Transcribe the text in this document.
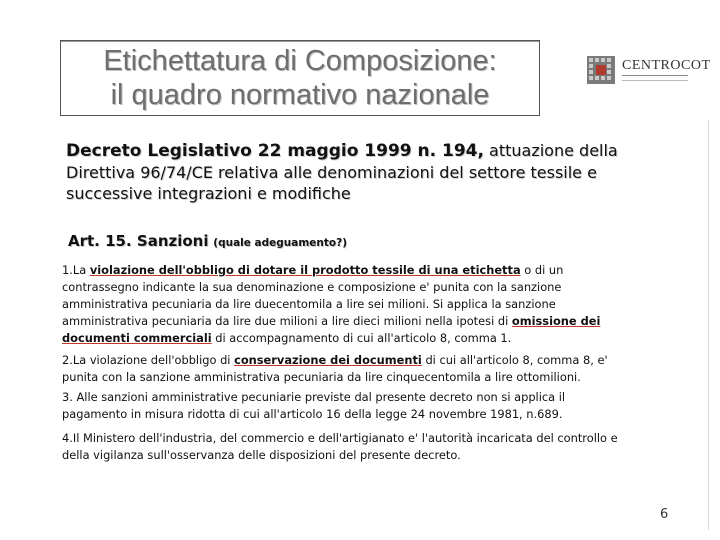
Etichettatura di Composizione:
il quadro normativo nazionale
CENTROCOT
Decreto Legislativo 22 maggio 1999 n. 194, attuazione della Direttiva 96/74/CE relativa alle denominazioni del settore tessile e successive integrazioni e modifiche
Art. 15. Sanzioni (quale adeguamento?)
1.La violazione dell'obbligo di dotare il prodotto tessile di una etichetta o di un contrassegno indicante la sua denominazione e composizione e' punita con la sanzione amministrativa pecuniaria da lire duecentomila a lire sei milioni. Si applica la sanzione amministrativa pecuniaria da lire due milioni a lire dieci milioni nella ipotesi di omissione dei documenti commerciali di accompagnamento di cui all'articolo 8, comma 1.
2.La violazione dell'obbligo di conservazione dei documenti di cui all'articolo 8, comma 8, e' punita con la sanzione amministrativa pecuniaria da lire cinquecentomila a lire ottomilioni.
3. Alle sanzioni amministrative pecuniarie previste dal presente decreto non si applica il pagamento in misura ridotta di cui all'articolo 16 della legge 24 novembre 1981, n.689.
4.Il Ministero dell'industria, del commercio e dell'artigianato e' l'autorità incaricata del controllo e della vigilanza sull'osservanza delle disposizioni del presente decreto.
6
